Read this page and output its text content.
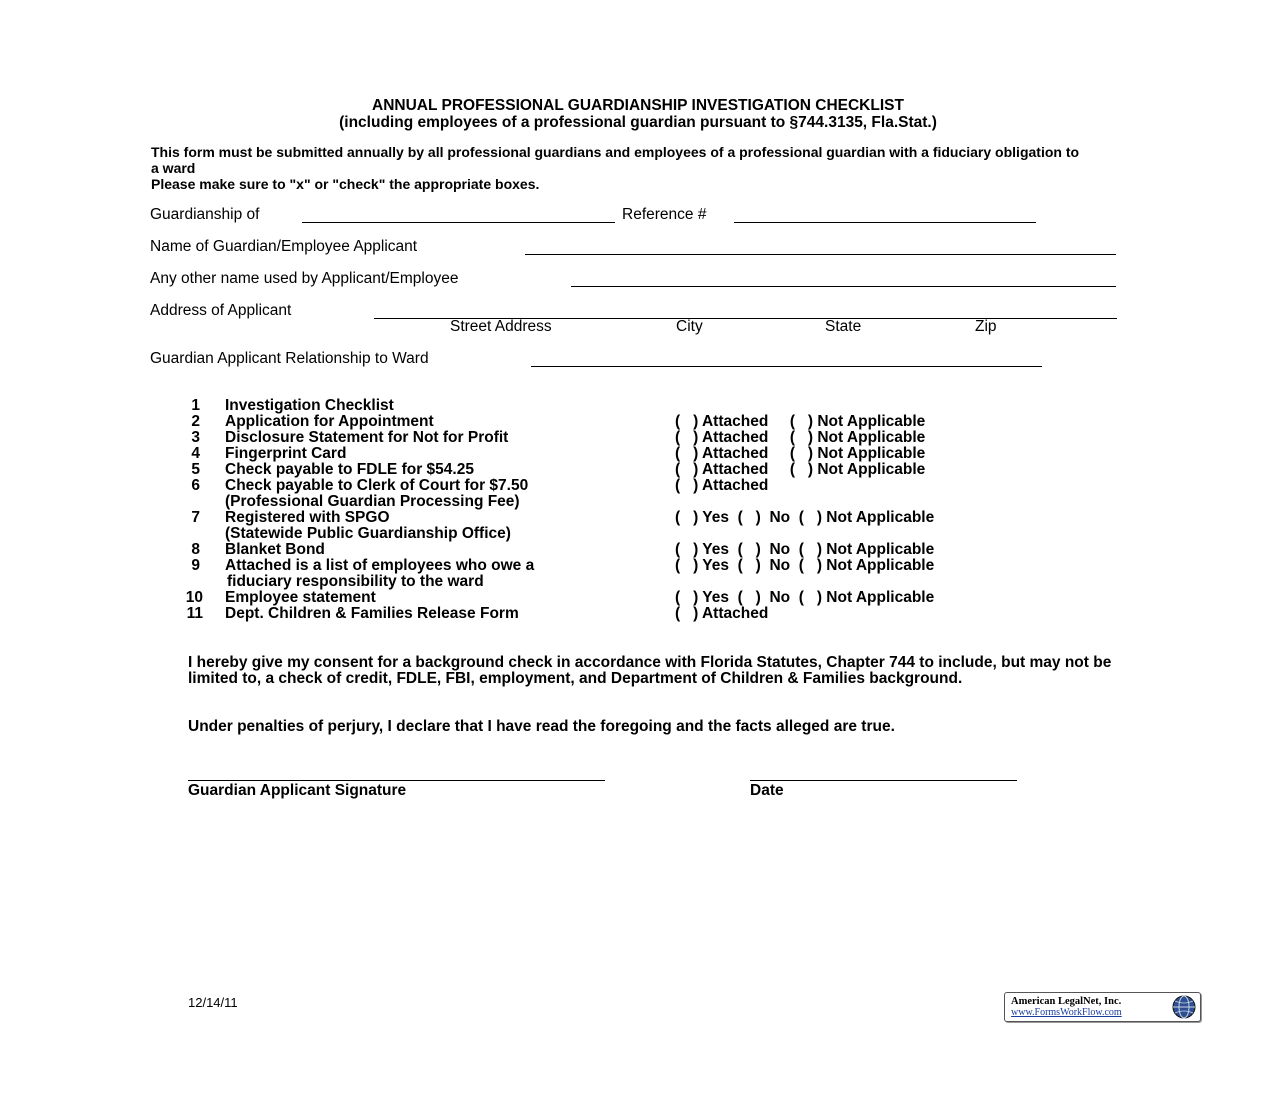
ANNUAL PROFESSIONAL GUARDIANSHIP INVESTIGATION CHECKLIST
(including employees of a professional guardian pursuant to §744.3135, Fla.Stat.)
This form must be submitted annually by all professional guardians and employees of a professional guardian with a fiduciary obligation to a ward
Please make sure to "x" or "check" the appropriate boxes.
Guardianship of	Reference #
Name of Guardian/Employee Applicant
Any other name used by Applicant/Employee
Address of Applicant
Street Address	City	State	Zip
Guardian Applicant Relationship to Ward
1 Investigation Checklist
2 Application for Appointment	(   ) Attached     (   ) Not Applicable
3 Disclosure Statement for Not for Profit	(   ) Attached     (   ) Not Applicable
4 Fingerprint Card	(   ) Attached     (   ) Not Applicable
5 Check payable to FDLE for $54.25	(   ) Attached     (   ) Not Applicable
6 Check payable to Clerk of Court for $7.50	(   ) Attached
(Professional Guardian Processing Fee)
7 Registered with SPGO	(   ) Yes  (   )  No  (   ) Not Applicable
(Statewide Public Guardianship Office)
8 Blanket Bond	(   ) Yes  (   )  No  (   ) Not Applicable
9 Attached is a list of employees who owe a	(   ) Yes  (   )  No  (   ) Not Applicable
fiduciary responsibility to the ward
10 Employee statement	(   ) Yes  (   )  No  (   ) Not Applicable
11 Dept. Children & Families Release Form	(   ) Attached
I hereby give my consent for a background check in accordance with Florida Statutes, Chapter 744 to include, but may not be limited to, a check of credit, FDLE, FBI, employment, and Department of Children & Families background.
Under penalties of perjury, I declare that I have read the foregoing and the facts alleged are true.
Guardian Applicant Signature	Date
12/14/11	American LegalNet, Inc.
www.FormsWorkFlow.com
